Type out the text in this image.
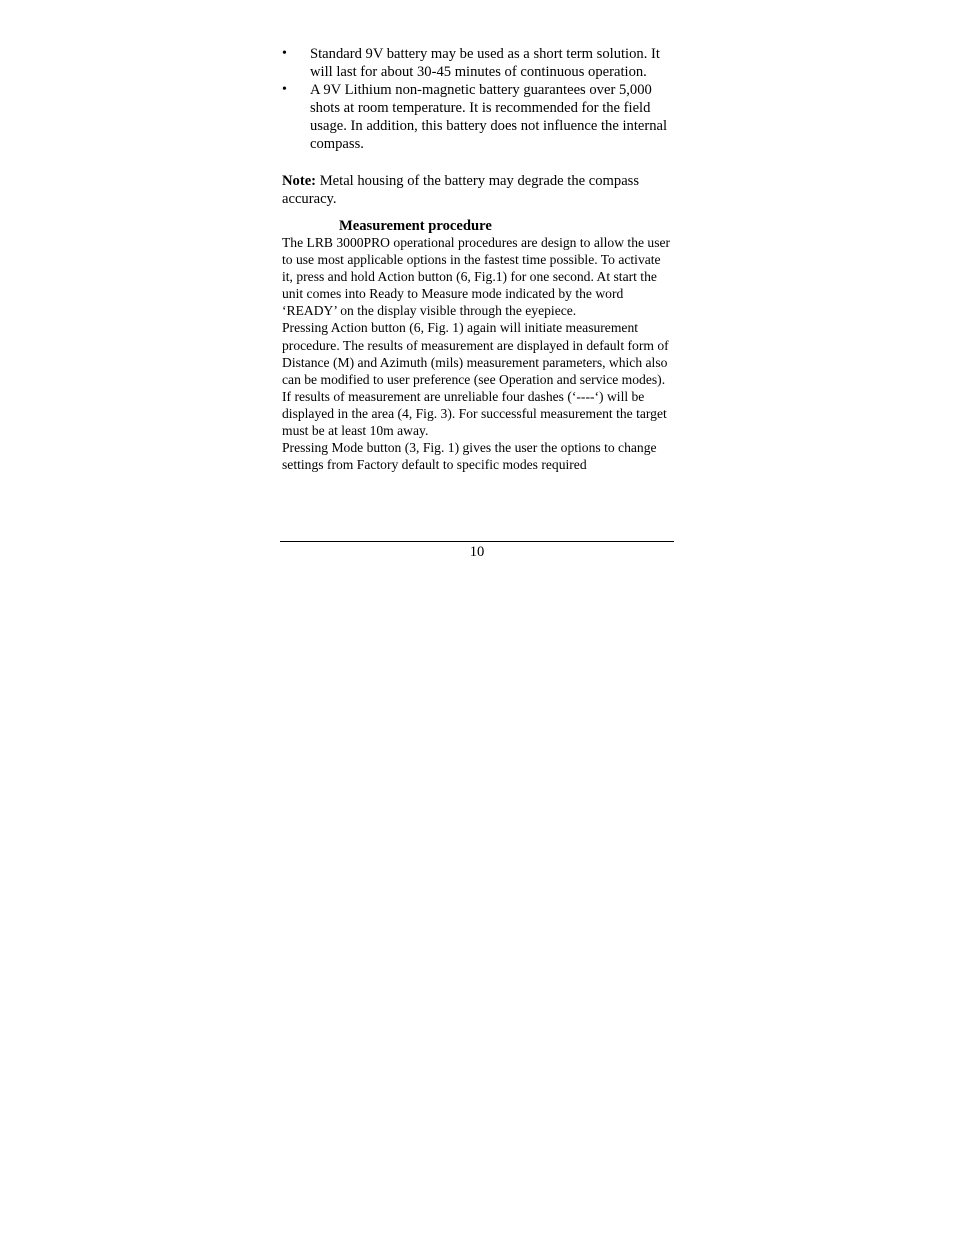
•	Standard 9V battery may be used as a short term solution. It will last for about 30-45 minutes of continuous operation.
•	A 9V Lithium non-magnetic battery guarantees over 5,000 shots at room temperature. It is recommended for the field usage. In addition, this battery does not influence the internal compass.

Note: Metal housing of the battery may degrade the compass accuracy.

Measurement procedure

The LRB 3000PRO operational procedures are design to allow the user to use most applicable options in the fastest time possible. To activate it, press and hold Action button (6, Fig.1) for one second. At start the unit comes into Ready to Measure mode indicated by the word ‘READY’ on the display visible through the eyepiece.

Pressing Action button (6, Fig. 1) again will initiate measurement procedure. The results of measurement are displayed in default form of Distance (M) and Azimuth (mils) measurement parameters, which also can be modified to user preference (see Operation and service modes).

If results of measurement are unreliable four dashes (‘----‘) will be displayed in the area (4, Fig. 3). For successful measurement the target must be at least 10m away.

Pressing Mode button (3, Fig. 1) gives the user the options to change settings from Factory default to specific modes required

10
